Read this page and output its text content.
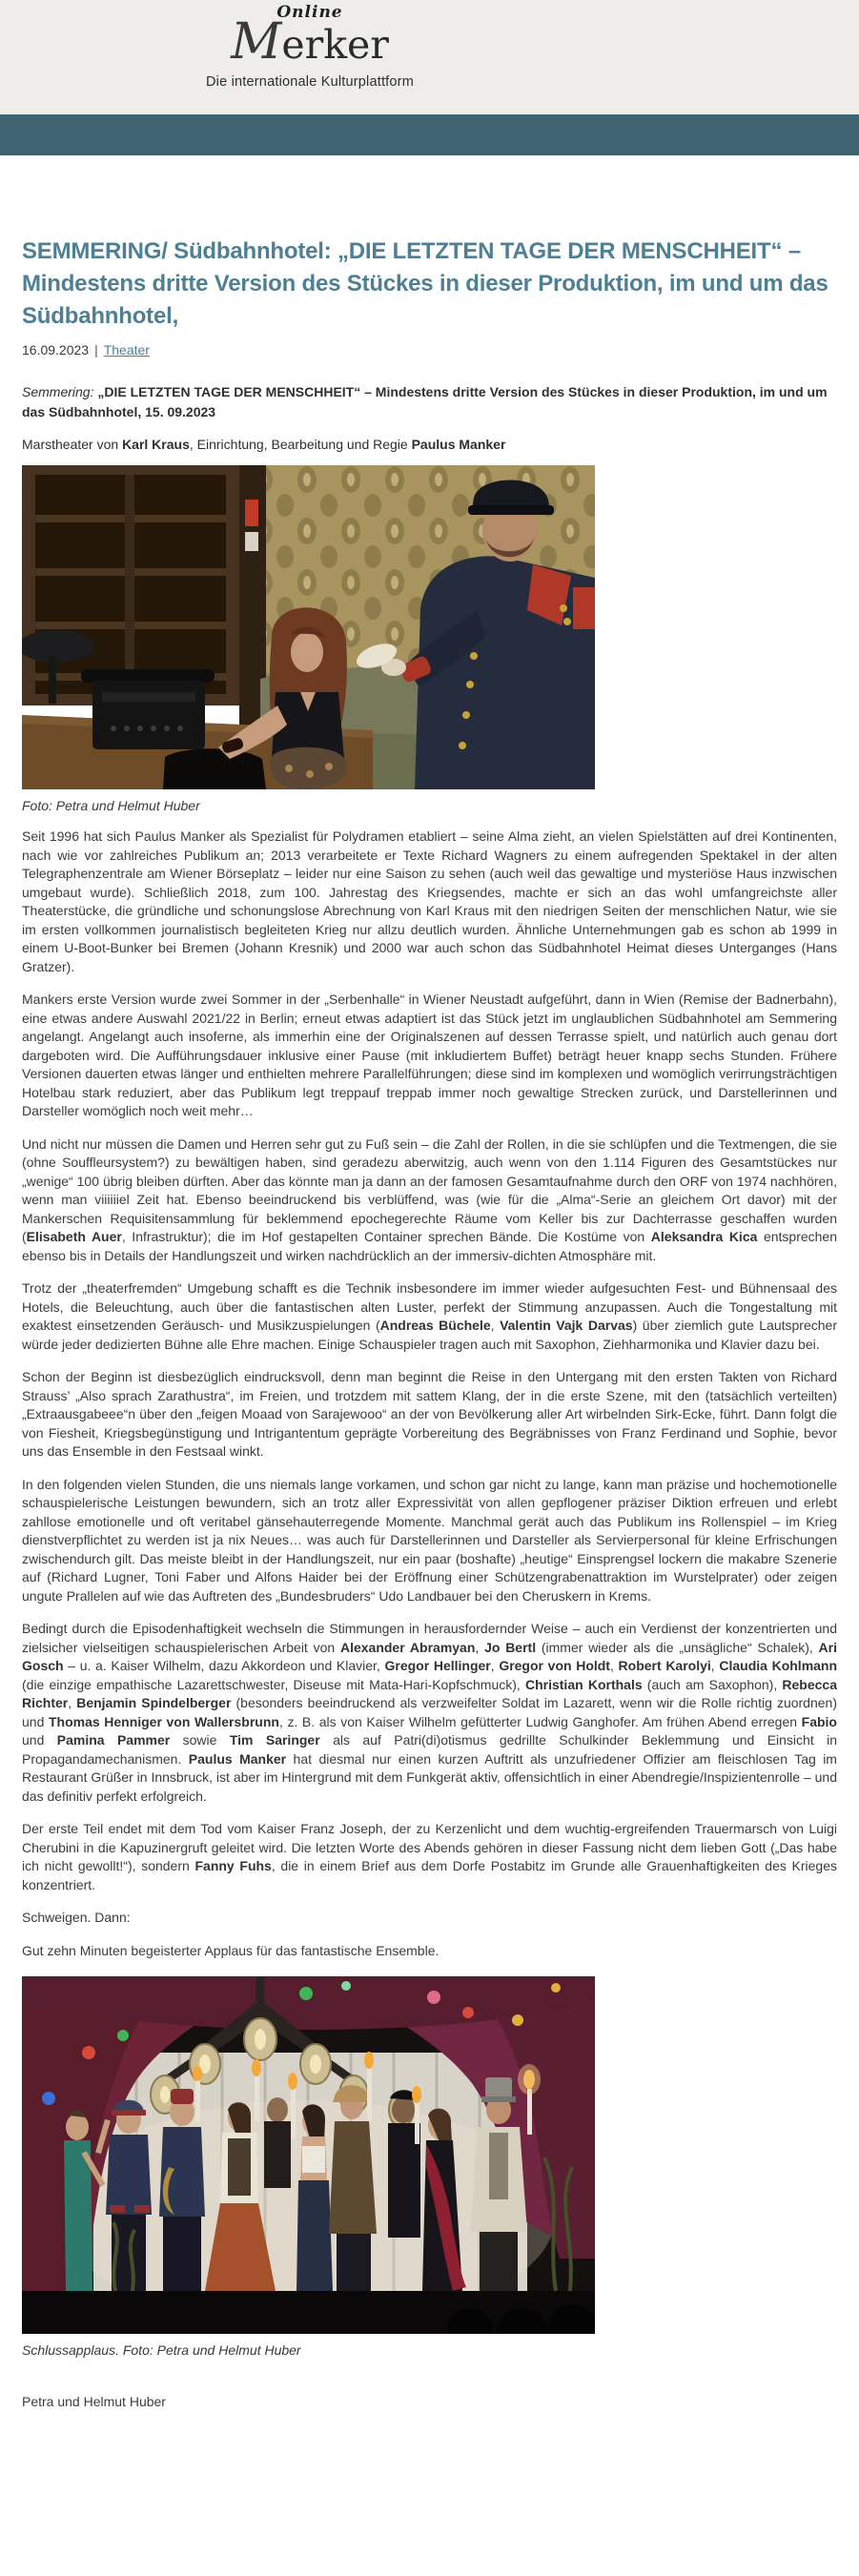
Online
Merker
Die internationale Kulturplattform
SEMMERING/ Südbahnhotel: „DIE LETZTEN TAGE DER MENSCHHEIT“ – Mindestens dritte Version des Stückes in dieser Produktion, im und um das Südbahnhotel,
16.09.2023 | Theater
Semmering: „DIE LETZTEN TAGE DER MENSCHHEIT“ – Mindestens dritte Version des Stückes in dieser Produktion, im und um das Südbahnhotel, 15. 09.2023
Marstheater von Karl Kraus, Einrichtung, Bearbeitung und Regie Paulus Manker
Foto: Petra und Helmut Huber

Seit 1996 hat sich Paulus Manker als Spezialist für Polydramen etabliert – seine Alma zieht, an vielen Spielstätten auf drei Kontinenten, nach wie vor zahlreiches Publikum an; 2013 verarbeitete er Texte Richard Wagners zu einem aufregenden Spektakel in der alten Telegraphenzentrale am Wiener Börseplatz – leider nur eine Saison zu sehen (auch weil das gewaltige und mysteriöse Haus inzwischen umgebaut wurde). Schließlich 2018, zum 100. Jahrestag des Kriegsendes, machte er sich an das wohl umfangreichste aller Theaterstücke, die gründliche und schonungslose Abrechnung von Karl Kraus mit den niedrigen Seiten der menschlichen Natur, wie sie im ersten vollkommen journalistisch begleiteten Krieg nur allzu deutlich wurden. Ähnliche Unternehmungen gab es schon ab 1999 in einem U-Boot-Bunker bei Bremen (Johann Kresnik) und 2000 war auch schon das Südbahnhotel Heimat dieses Unterganges (Hans Gratzer).

Mankers erste Version wurde zwei Sommer in der „Serbenhalle“ in Wiener Neustadt aufgeführt, dann in Wien (Remise der Badnerbahn), eine etwas andere Auswahl 2021/22 in Berlin; erneut etwas adaptiert ist das Stück jetzt im unglaublichen Südbahnhotel am Semmering angelangt. Angelangt auch insoferne, als immerhin eine der Originalszenen auf dessen Terrasse spielt, und natürlich auch genau dort dargeboten wird. Die Aufführungsdauer inklusive einer Pause (mit inkludiertem Buffet) beträgt heuer knapp sechs Stunden. Frühere Versionen dauerten etwas länger und enthielten mehrere Parallelführungen; diese sind im komplexen und womöglich verirrungsträchtigen Hotelbau stark reduziert, aber das Publikum legt treppauf treppab immer noch gewaltige Strecken zurück, und Darstellerinnen und Darsteller womöglich noch weit mehr…

Und nicht nur müssen die Damen und Herren sehr gut zu Fuß sein – die Zahl der Rollen, in die sie schlüpfen und die Textmengen, die sie (ohne Souffleursystem?) zu bewältigen haben, sind geradezu aberwitzig, auch wenn von den 1.114 Figuren des Gesamtstückes nur „wenige“ 100 übrig bleiben dürften. Aber das könnte man ja dann an der famosen Gesamtaufnahme durch den ORF von 1974 nachhören, wenn man viiiiiiel Zeit hat. Ebenso beeindruckend bis verblüffend, was (wie für die „Alma“-Serie an gleichem Ort davor) mit der Mankerschen Requisitensammlung für beklemmend epochegerechte Räume vom Keller bis zur Dachterrasse geschaffen wurden (Elisabeth Auer, Infrastruktur); die im Hof gestapelten Container sprechen Bände. Die Kostüme von Aleksandra Kica entsprechen ebenso bis in Details der Handlungszeit und wirken nachdrücklich an der immersiv-dichten Atmosphäre mit.

Trotz der „theaterfremden“ Umgebung schafft es die Technik insbesondere im immer wieder aufgesuchten Fest- und Bühnensaal des Hotels, die Beleuchtung, auch über die fantastischen alten Luster, perfekt der Stimmung anzupassen. Auch die Tongestaltung mit exaktest einsetzenden Geräusch- und Musikzuspielungen (Andreas Büchele, Valentin Vajk Darvas) über ziemlich gute Lautsprecher würde jeder dedizierten Bühne alle Ehre machen. Einige Schauspieler tragen auch mit Saxophon, Ziehharmonika und Klavier dazu bei.

Schon der Beginn ist diesbezüglich eindrucksvoll, denn man beginnt die Reise in den Untergang mit den ersten Takten von Richard Strauss’ „Also sprach Zarathustra“, im Freien, und trotzdem mit sattem Klang, der in die erste Szene, mit den (tatsächlich verteilten) „Extraausgabeee“n über den „feigen Moaad von Sarajewooo“ an der von Bevölkerung aller Art wirbelnden Sirk-Ecke, führt. Dann folgt die von Fiesheit, Kriegsbegünstigung und Intrigantentum geprägte Vorbereitung des Begräbnisses von Franz Ferdinand und Sophie, bevor uns das Ensemble in den Festsaal winkt.

In den folgenden vielen Stunden, die uns niemals lange vorkamen, und schon gar nicht zu lange, kann man präzise und hochemotionelle schauspielerische Leistungen bewundern, sich an trotz aller Expressivität von allen gepflogener präziser Diktion erfreuen und erlebt zahllose emotionelle und oft veritabel gänsehauterregende Momente. Manchmal gerät auch das Publikum ins Rollenspiel – im Krieg dienstverpflichtet zu werden ist ja nix Neues… was auch für Darstellerinnen und Darsteller als Servierpersonal für kleine Erfrischungen zwischendurch gilt. Das meiste bleibt in der Handlungszeit, nur ein paar (boshafte) „heutige“ Einsprengsel lockern die makabre Szenerie auf (Richard Lugner, Toni Faber und Alfons Haider bei der Eröffnung einer Schützengrabenattraktion im Wurstelprater) oder zeigen ungute Prallelen auf wie das Auftreten des „Bundesbruders“ Udo Landbauer bei den Cheruskern in Krems.

Bedingt durch die Episodenhaftigkeit wechseln die Stimmungen in herausfordernder Weise – auch ein Verdienst der konzentrierten und zielsicher vielseitigen schauspielerischen Arbeit von Alexander Abramyan, Jo Bertl (immer wieder als die „unsägliche“ Schalek), Ari Gosch – u. a. Kaiser Wilhelm, dazu Akkordeon und Klavier, Gregor Hellinger, Gregor von Holdt, Robert Karolyi, Claudia Kohlmann (die einzige empathische Lazarettschwester, Diseuse mit Mata-Hari-Kopfschmuck), Christian Korthals (auch am Saxophon), Rebecca Richter, Benjamin Spindelberger (besonders beeindruckend als verzweifelter Soldat im Lazarett, wenn wir die Rolle richtig zuordnen) und Thomas Henniger von Wallersbrunn, z. B. als von Kaiser Wilhelm gefütterter Ludwig Ganghofer. Am frühen Abend erregen Fabio und Pamina Pammer sowie Tim Saringer als auf Patri(di)otismus gedrillte Schulkinder Beklemmung und Einsicht in Propagandamechanismen. Paulus Manker hat diesmal nur einen kurzen Auftritt als unzufriedener Offizier am fleischlosen Tag im Restaurant Grüßer in Innsbruck, ist aber im Hintergrund mit dem Funkgerät aktiv, offensichtlich in einer Abendregie/Inspizientenrolle – und das definitiv perfekt erfolgreich.

Der erste Teil endet mit dem Tod vom Kaiser Franz Joseph, der zu Kerzenlicht und dem wuchtig-ergreifenden Trauermarsch von Luigi Cherubini in die Kapuzinergruft geleitet wird. Die letzten Worte des Abends gehören in dieser Fassung nicht dem lieben Gott („Das habe ich nicht gewollt!“), sondern Fanny Fuhs, die in einem Brief aus dem Dorfe Postabitz im Grunde alle Grauenhaftigkeiten des Krieges konzentriert.

Schweigen. Dann:

Gut zehn Minuten begeisterter Applaus für das fantastische Ensemble.

Schlussapplaus. Foto: Petra und Helmut Huber
Petra und Helmut Huber
